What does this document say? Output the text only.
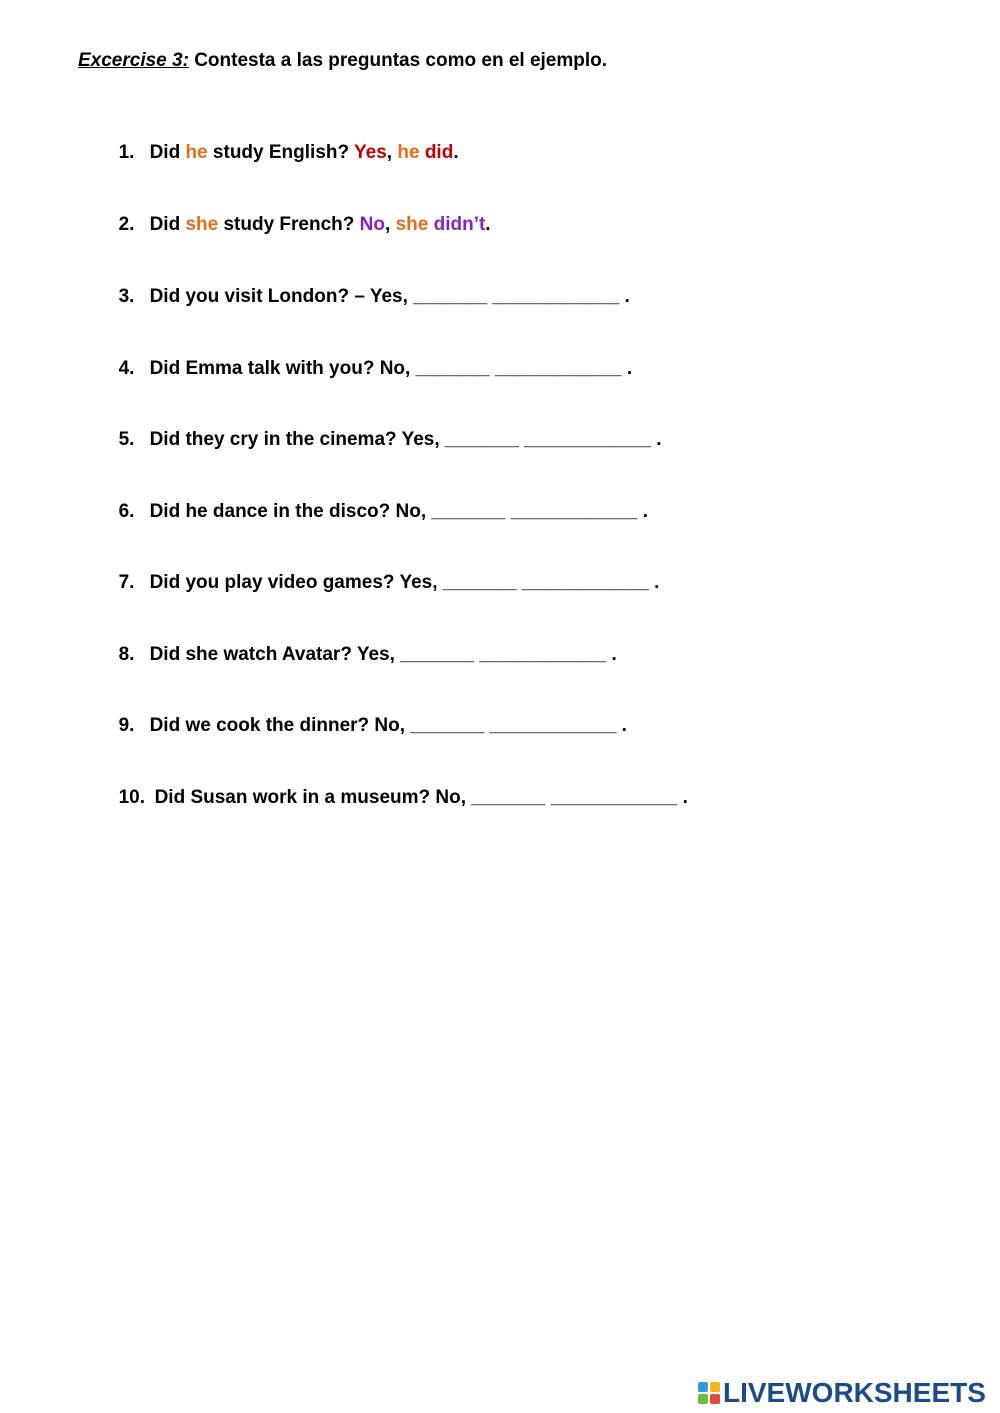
Excercise 3: Contesta a las preguntas como en el ejemplo.

1. Did he study English? Yes, he did.

2. Did she study French? No, she didn’t.

3. Did you visit London? – Yes, _______ ____________ .

4. Did Emma talk with you? No, _______ ____________ .

5. Did they cry in the cinema? Yes, _______ ____________ .

6. Did he dance in the disco? No, _______ ____________ .

7. Did you play video games? Yes, _______ ____________ .

8. Did she watch Avatar? Yes, _______ ____________ .

9. Did we cook the dinner? No, _______ ____________ .

10. Did Susan work in a museum? No, _______ ____________ .

LIVEWORKSHEETS
